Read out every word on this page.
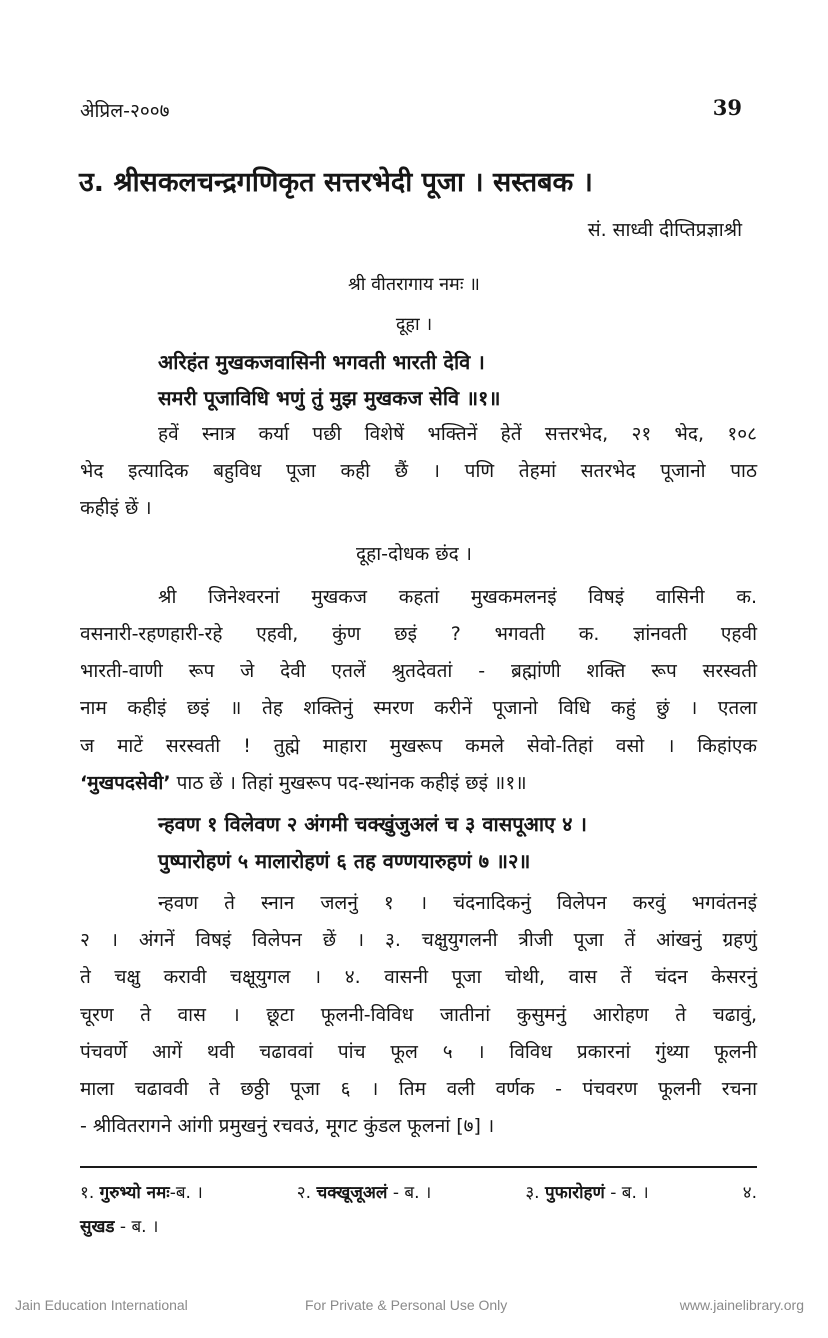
अेप्रिल-२००७	39
उ. श्रीसकलचन्द्रगणिकृत सत्तरभेदी पूजा । सस्तबक ।
सं. साध्वी दीप्तिप्रज्ञाश्री
श्री वीतरागाय नमः ॥
दूहा ।
अरिहंत मुखकजवासिनी भगवती भारती देवि ।
समरी पूजाविधि भणुं तुं मुझ मुखकज सेवि ॥१॥
हवें स्नात्र कर्या पछी विशेषें भक्तिनें हेतें सत्तरभेद, २१ भेद, १०८
भेद इत्यादिक बहुविध पूजा कही छैं । पणि तेहमां सतरभेद पूजानो पाठ
कहीइं छें ।
दूहा-दोधक छंद ।
श्री जिनेश्वरनां मुखकज कहतां मुखकमलनइं विषइं वासिनी क.
वसनारी-रहणहारी-रहे एहवी, कुंण छइं ? भगवती क. ज्ञांनवती एहवी
भारती-वाणी रूप जे देवी एतलें श्रुतदेवतां - ब्रह्मांणी शक्ति रूप सरस्वती
नाम कहीइं छइं ॥ तेह शक्तिनुं स्मरण करीनें पूजानो विधि कहुं छुं । एतला
ज माटें सरस्वती ! तुह्मे माहारा मुखरूप कमले सेवो-तिहां वसो । किहांएक
‘मुखपदसेवी’ पाठ छें । तिहां मुखरूप पद-स्थांनक कहीइं छइं ॥१॥
न्हवण १ विलेवण २ अंगमी चक्खुंजुअलं च ३ वासपूआए ४ ।
पुष्पारोहणं ५ मालारोहणं ६ तह वण्णयारुहणं ७ ॥२॥
न्हवण ते स्नान जलनुं १ । चंदनादिकनुं विलेपन करवुं भगवंतनइं
२ । अंगनें विषइं विलेपन छें । ३. चक्षुयुगलनी त्रीजी पूजा तें आंखनुं ग्रहणुं
ते चक्षु करावी चक्षूयुगल । ४. वासनी पूजा चोथी, वास तें चंदन केसरनुं
चूरण ते वास । छूटा फूलनी-विविध जातीनां कुसुमनुं आरोहण ते चढावुं,
पंचवर्णे आगें थवी चढाववां पांच फूल ५ । विविध प्रकारनां गुंथ्या फूलनी
माला चढाववी ते छठ्ठी पूजा ६ । तिम वली वर्णक - पंचवरण फूलनी रचना
- श्रीवितरागने आंगी प्रमुखनुं रचवउं, मूगट कुंडल फूलनां [७] ।
१. गुरुभ्यो नमः-ब. ।	२. चक्खूजूअलं - ब. ।	३. पुफारोहणं - ब. ।	४.
सुखड - ब. ।
Jain Education International	For Private & Personal Use Only	www.jainelibrary.org
